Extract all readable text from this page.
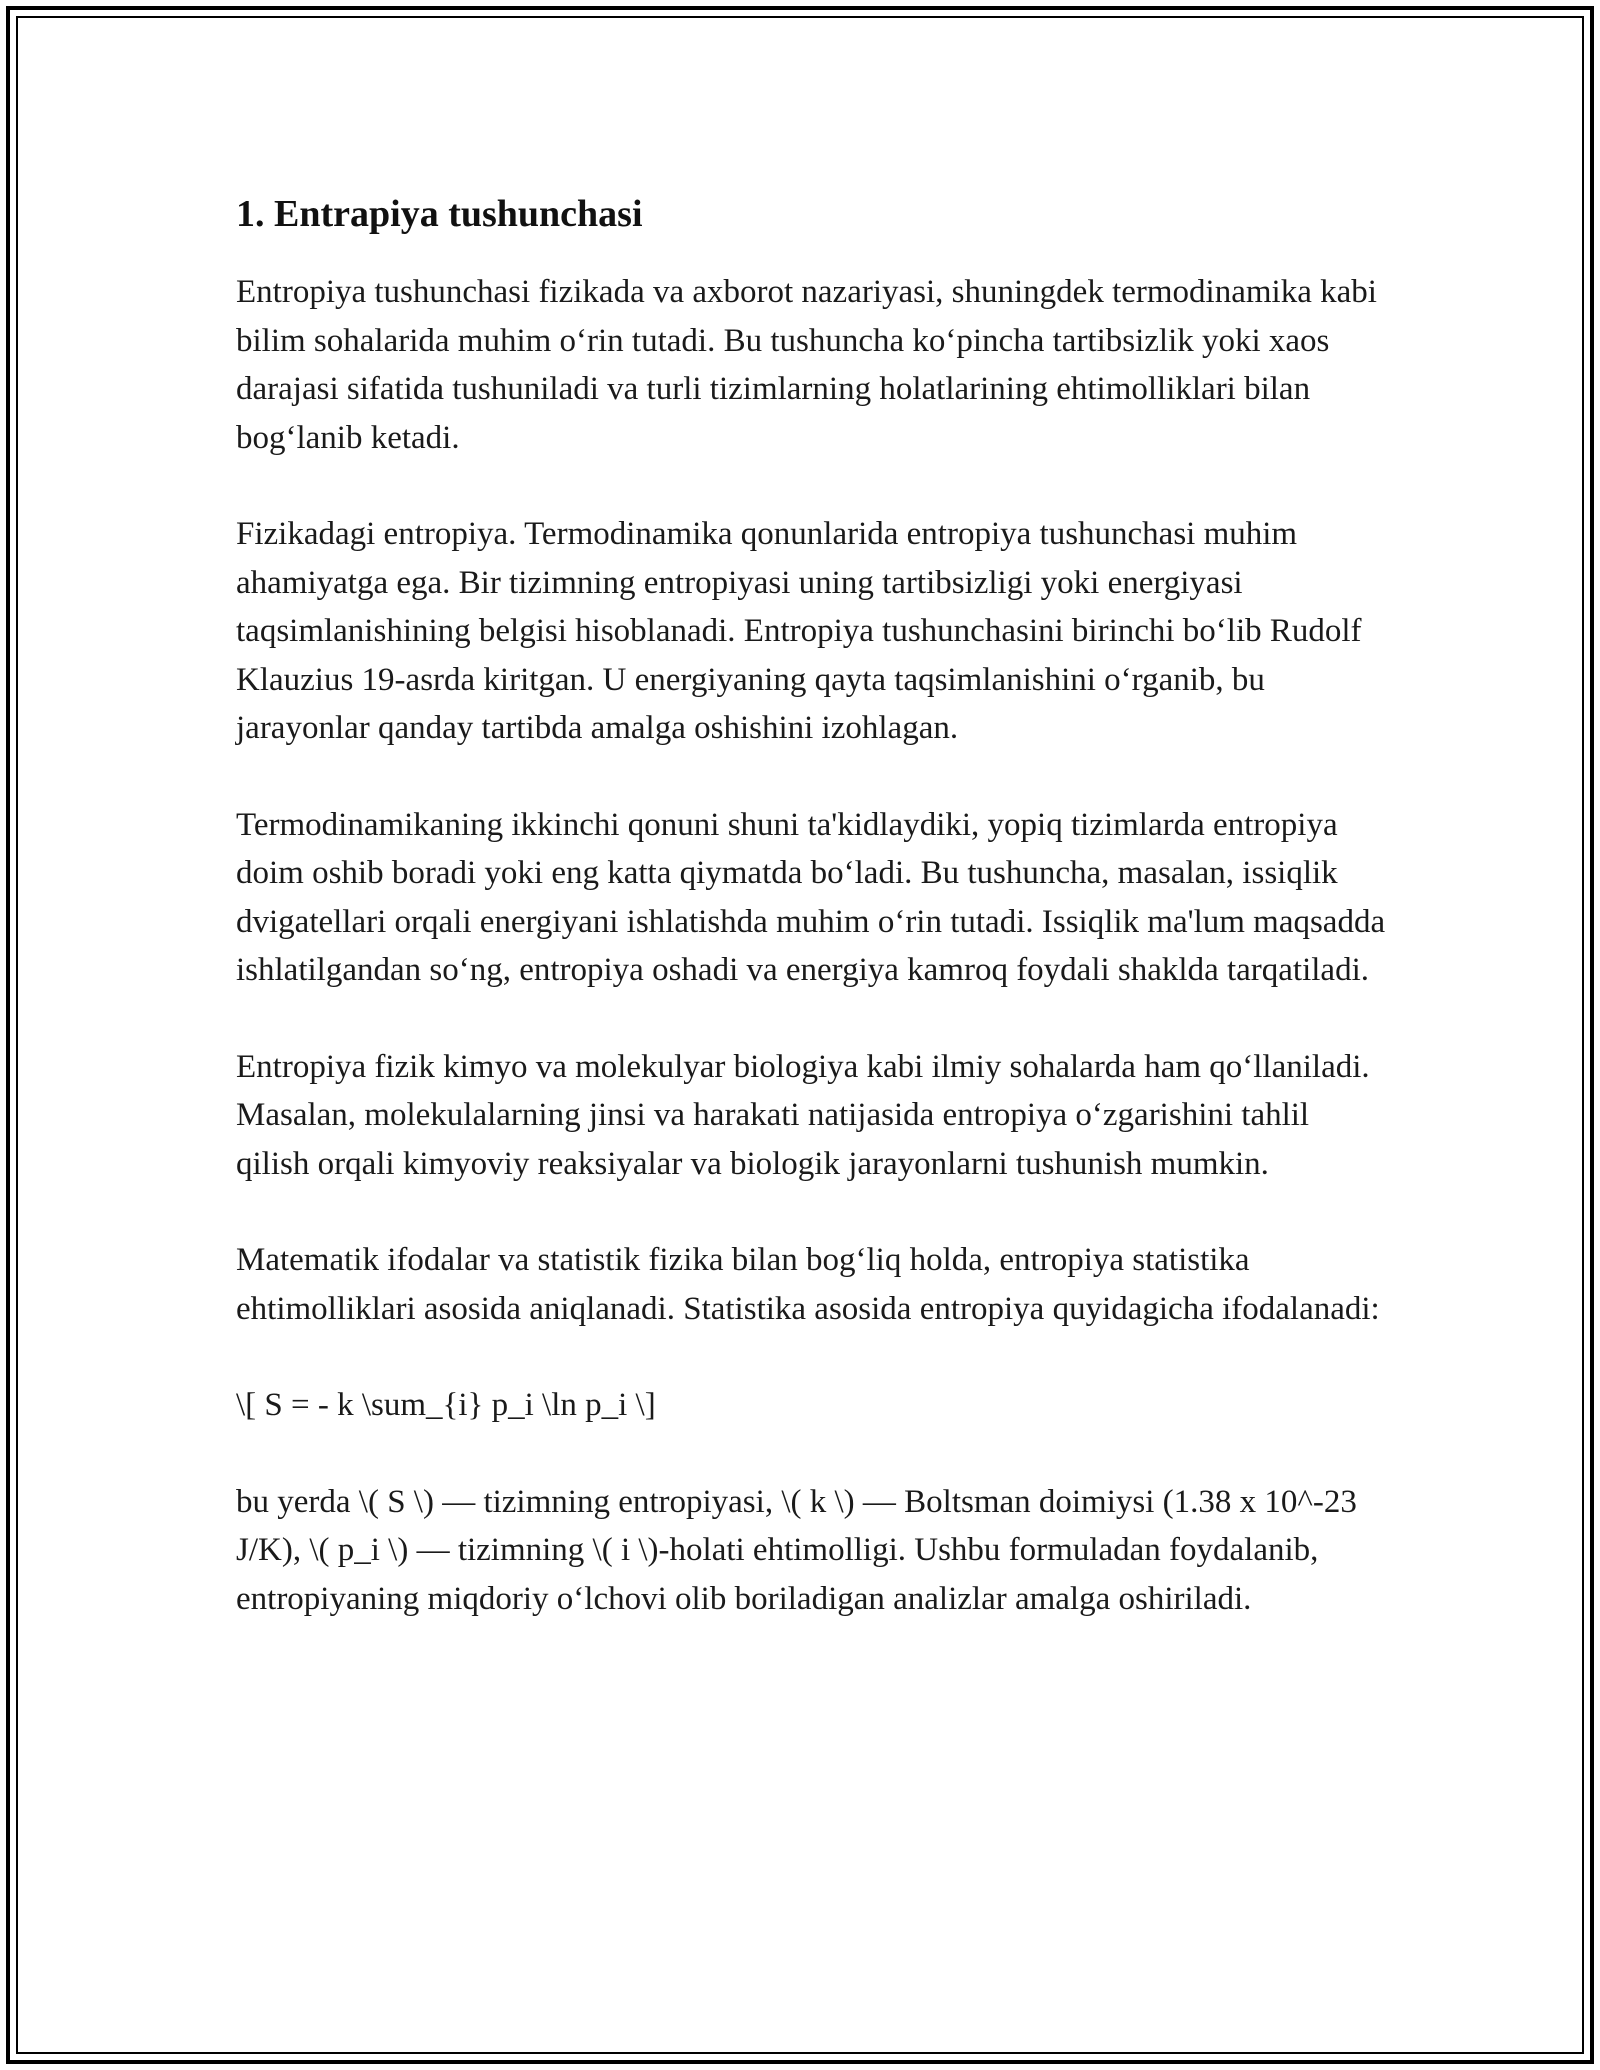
1. Entrapiya tushunchasi

Entropiya tushunchasi fizikada va axborot nazariyasi, shuningdek termodinamika kabi bilim sohalarida muhim o‘rin tutadi. Bu tushuncha ko‘pincha tartibsizlik yoki xaos darajasi sifatida tushuniladi va turli tizimlarning holatlarining ehtimolliklari bilan bog‘lanib ketadi.

Fizikadagi entropiya. Termodinamika qonunlarida entropiya tushunchasi muhim ahamiyatga ega. Bir tizimning entropiyasi uning tartibsizligi yoki energiyasi taqsimlanishining belgisi hisoblanadi. Entropiya tushunchasini birinchi bo‘lib Rudolf Klauzius 19-asrda kiritgan. U energiyaning qayta taqsimlanishini o‘rganib, bu jarayonlar qanday tartibda amalga oshishini izohlagan.

Termodinamikaning ikkinchi qonuni shuni ta'kidlaydiki, yopiq tizimlarda entropiya doim oshib boradi yoki eng katta qiymatda bo‘ladi. Bu tushuncha, masalan, issiqlik dvigatellari orqali energiyani ishlatishda muhim o‘rin tutadi. Issiqlik ma'lum maqsadda ishlatilgandan so‘ng, entropiya oshadi va energiya kamroq foydali shaklda tarqatiladi.

Entropiya fizik kimyo va molekulyar biologiya kabi ilmiy sohalarda ham qo‘llaniladi. Masalan, molekulalarning jinsi va harakati natijasida entropiya o‘zgarishini tahlil qilish orqali kimyoviy reaksiyalar va biologik jarayonlarni tushunish mumkin.

Matematik ifodalar va statistik fizika bilan bog‘liq holda, entropiya statistika ehtimolliklari asosida aniqlanadi. Statistika asosida entropiya quyidagicha ifodalanadi:

\[ S = - k \sum_{i} p_i \ln p_i \]

bu yerda \( S \) — tizimning entropiyasi, \( k \) — Boltsman doimiysi (1.38 x 10^-23 J/K), \( p_i \) — tizimning \( i \)-holati ehtimolligi. Ushbu formuladan foydalanib, entropiyaning miqdoriy o‘lchovi olib boriladigan analizlar amalga oshiriladi.
